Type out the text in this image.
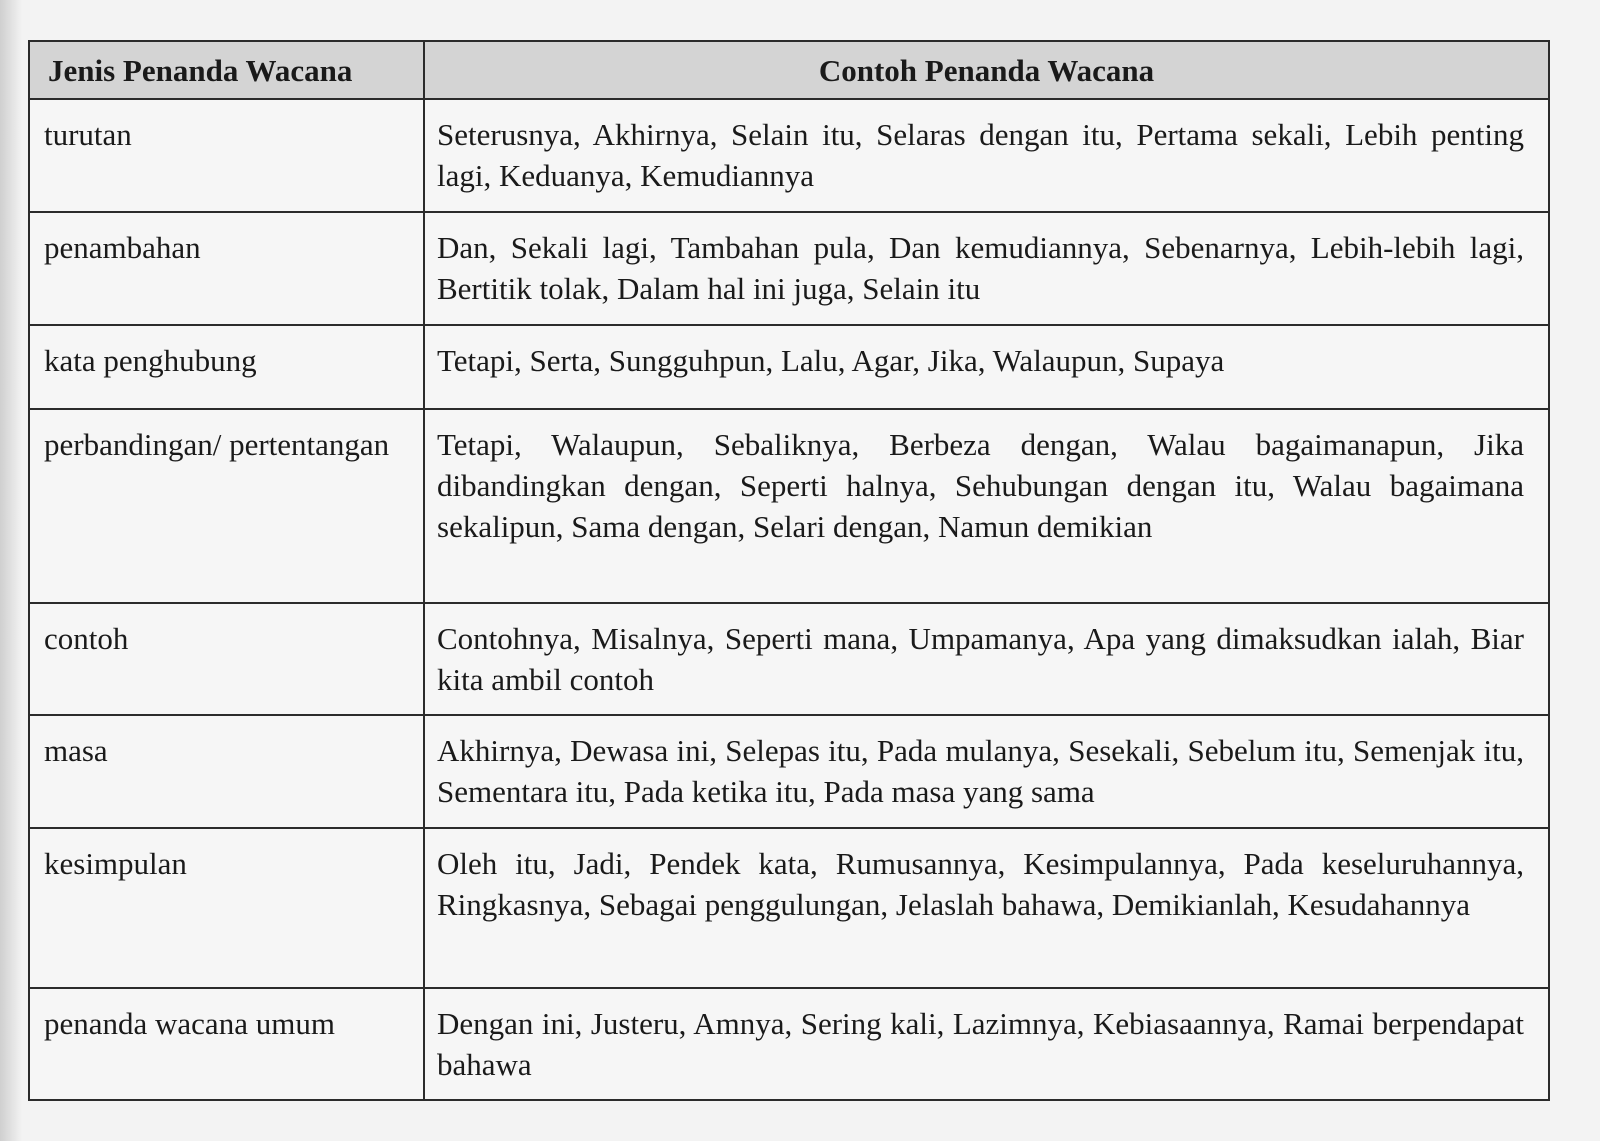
Jenis Penanda Wacana	Contoh Penanda Wacana
turutan	Seterusnya, Akhirnya, Selain itu, Selaras dengan itu, Pertama sekali, Lebih penting lagi, Keduanya, Kemudiannya
penambahan	Dan, Sekali lagi, Tambahan pula, Dan kemudiannya, Sebenarnya, Lebih-lebih lagi, Bertitik tolak, Dalam hal ini juga, Selain itu
kata penghubung	Tetapi, Serta, Sungguhpun, Lalu, Agar, Jika, Walaupun, Supaya
perbandingan/ pertentangan	Tetapi, Walaupun, Sebaliknya, Berbeza dengan, Walau bagaimanapun, Jika dibandingkan dengan, Seperti halnya, Sehubungan dengan itu, Walau bagaimana sekalipun, Sama dengan, Selari dengan, Namun demikian
contoh	Contohnya, Misalnya, Seperti mana, Umpamanya, Apa yang dimaksudkan ialah, Biar kita ambil contoh
masa	Akhirnya, Dewasa ini, Selepas itu, Pada mulanya, Sesekali, Sebelum itu, Semenjak itu, Sementara itu, Pada ketika itu, Pada masa yang sama
kesimpulan	Oleh itu, Jadi, Pendek kata, Rumusannya, Kesimpulannya, Pada keseluruhannya, Ringkasnya, Sebagai penggulungan, Jelaslah bahawa, Demikianlah, Kesudahannya
penanda wacana umum	Dengan ini, Justeru, Amnya, Sering kali, Lazimnya, Kebiasaannya, Ramai berpendapat bahawa
